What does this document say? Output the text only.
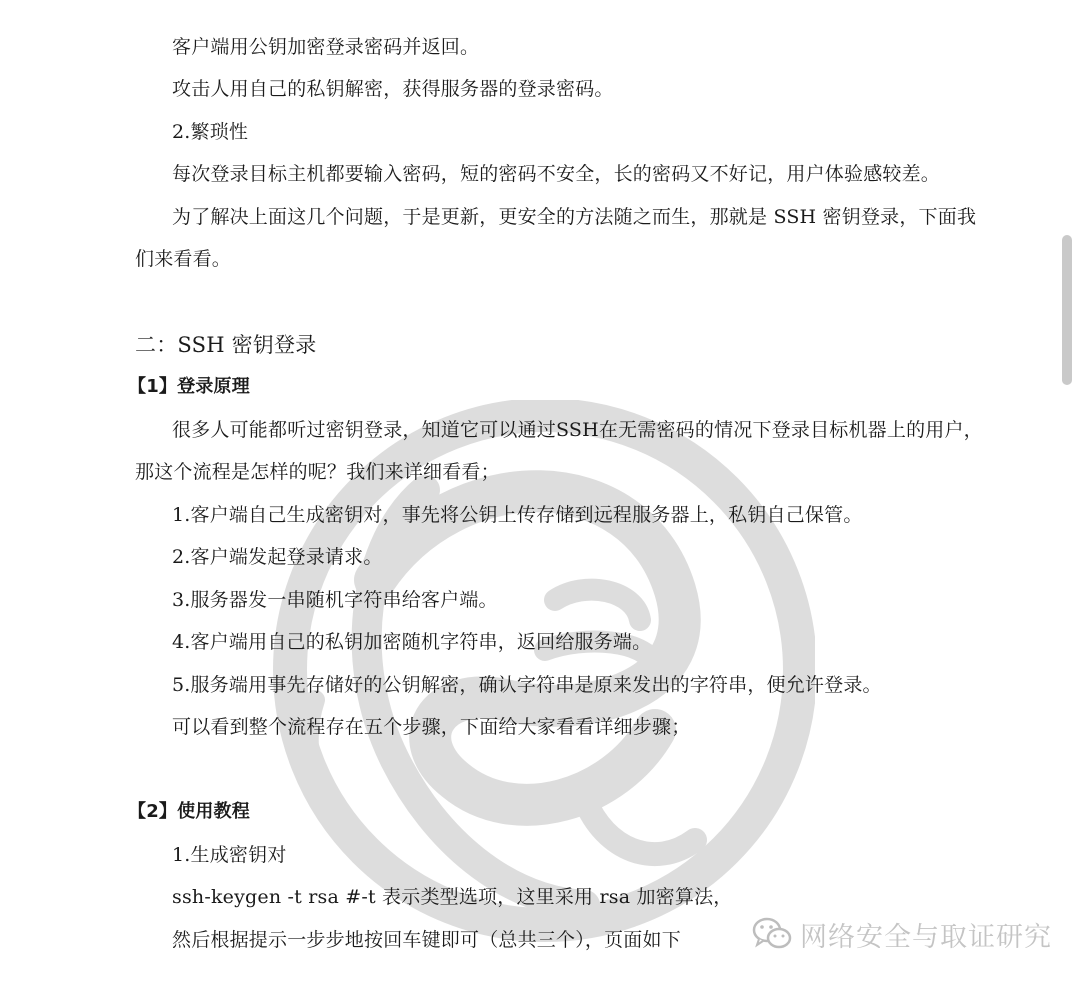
客户端用公钥加密登录密码并返回。
攻击人用自己的私钥解密，获得服务器的登录密码。
2.繁琐性
每次登录目标主机都要输入密码，短的密码不安全，长的密码又不好记，用户体验感较差。
为了解决上面这几个问题，于是更新，更安全的方法随之而生，那就是 SSH 密钥登录，下面我
们来看看。
二：SSH 密钥登录
【1】登录原理
很多人可能都听过密钥登录，知道它可以通过SSH在无需密码的情况下登录目标机器上的用户，
那这个流程是怎样的呢？我们来详细看看；
1.客户端自己生成密钥对，事先将公钥上传存储到远程服务器上，私钥自己保管。
2.客户端发起登录请求。
3.服务器发一串随机字符串给客户端。
4.客户端用自己的私钥加密随机字符串，返回给服务端。
5.服务端用事先存储好的公钥解密，确认字符串是原来发出的字符串，便允许登录。
可以看到整个流程存在五个步骤，下面给大家看看详细步骤；
【2】使用教程
1.生成密钥对
ssh-keygen -t rsa #-t 表示类型选项，这里采用 rsa 加密算法，
然后根据提示一步步地按回车键即可（总共三个），页面如下	网络安全与取证研究
